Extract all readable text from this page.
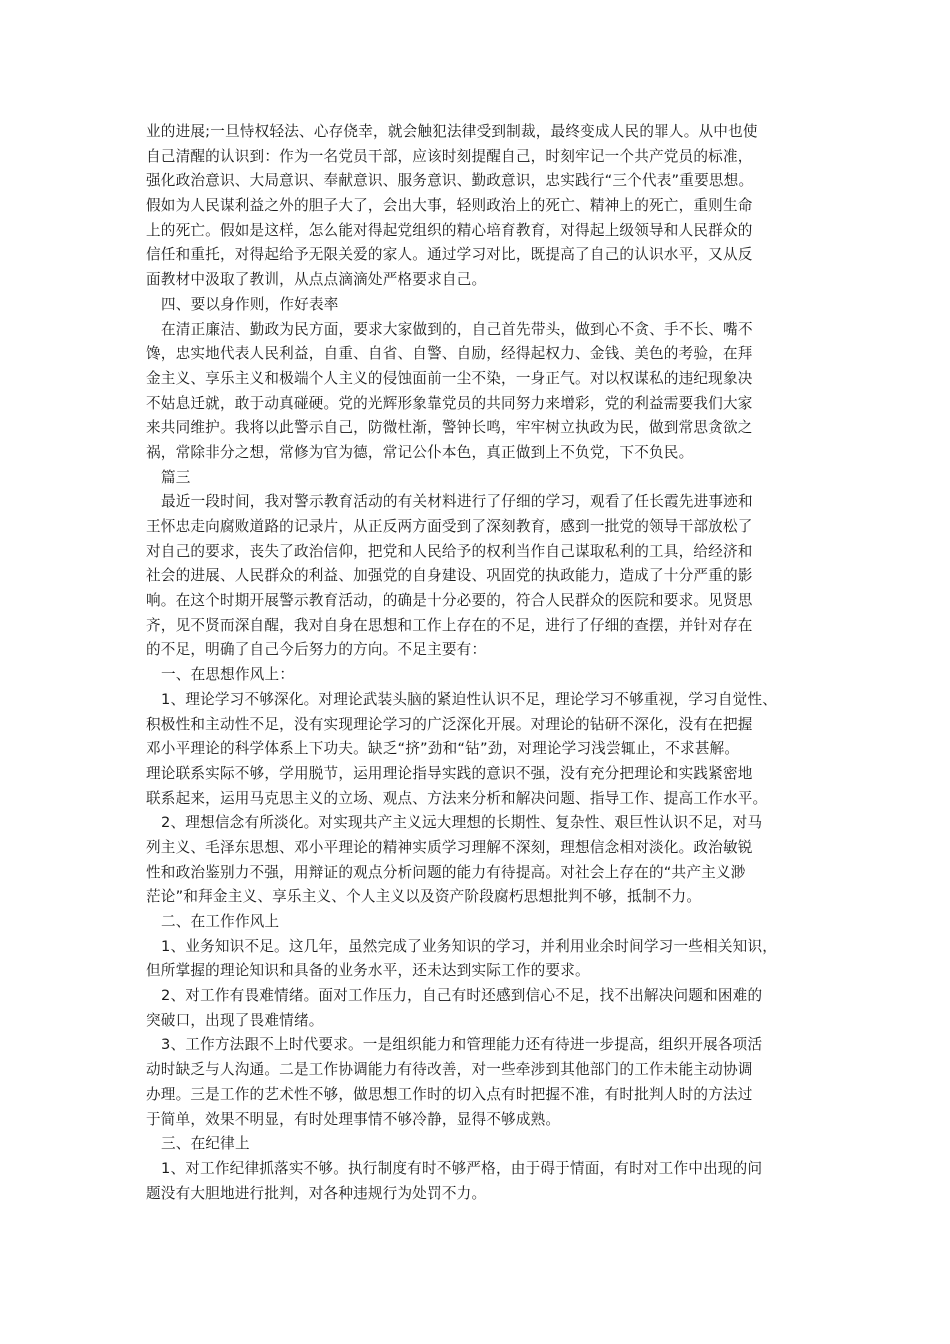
业的进展;一旦恃权轻法、心存侥幸，就会触犯法律受到制裁，最终变成人民的罪人。从中也使
自己清醒的认识到：作为一名党员干部，应该时刻提醒自己，时刻牢记一个共产党员的标准，
强化政治意识、大局意识、奉献意识、服务意识、勤政意识，忠实践行“三个代表”重要思想。
假如为人民谋利益之外的胆子大了，会出大事，轻则政治上的死亡、精神上的死亡，重则生命
上的死亡。假如是这样，怎么能对得起党组织的精心培育教育，对得起上级领导和人民群众的
信任和重托，对得起给予无限关爱的家人。通过学习对比，既提高了自己的认识水平，又从反
面教材中汲取了教训，从点点滴滴处严格要求自己。
四、要以身作则，作好表率
在清正廉洁、勤政为民方面，要求大家做到的，自己首先带头，做到心不贪、手不长、嘴不
馋，忠实地代表人民利益，自重、自省、自警、自励，经得起权力、金钱、美色的考验，在拜
金主义、享乐主义和极端个人主义的侵蚀面前一尘不染，一身正气。对以权谋私的违纪现象决
不姑息迁就，敢于动真碰硬。党的光辉形象靠党员的共同努力来增彩，党的利益需要我们大家
来共同维护。我将以此警示自己，防微杜渐，警钟长鸣，牢牢树立执政为民，做到常思贪欲之
祸，常除非分之想，常修为官为德，常记公仆本色，真正做到上不负党，下不负民。
篇三
最近一段时间，我对警示教育活动的有关材料进行了仔细的学习，观看了任长霞先进事迹和
王怀忠走向腐败道路的记录片，从正反两方面受到了深刻教育，感到一批党的领导干部放松了
对自己的要求，丧失了政治信仰，把党和人民给予的权利当作自己谋取私利的工具，给经济和
社会的进展、人民群众的利益、加强党的自身建设、巩固党的执政能力，造成了十分严重的影
响。在这个时期开展警示教育活动，的确是十分必要的，符合人民群众的医院和要求。见贤思
齐，见不贤而深自醒，我对自身在思想和工作上存在的不足，进行了仔细的查摆，并针对存在
的不足，明确了自己今后努力的方向。不足主要有：
一、在思想作风上：
1、理论学习不够深化。对理论武装头脑的紧迫性认识不足，理论学习不够重视，学习自觉性、
积极性和主动性不足，没有实现理论学习的广泛深化开展。对理论的钻研不深化，没有在把握
邓小平理论的科学体系上下功夫。缺乏“挤”劲和“钻”劲，对理论学习浅尝辄止，不求甚解。
理论联系实际不够，学用脱节，运用理论指导实践的意识不强，没有充分把理论和实践紧密地
联系起来，运用马克思主义的立场、观点、方法来分析和解决问题、指导工作、提高工作水平。
2、理想信念有所淡化。对实现共产主义远大理想的长期性、复杂性、艰巨性认识不足，对马
列主义、毛泽东思想、邓小平理论的精神实质学习理解不深刻，理想信念相对淡化。政治敏锐
性和政治鉴别力不强，用辩证的观点分析问题的能力有待提高。对社会上存在的“共产主义渺
茫论”和拜金主义、享乐主义、个人主义以及资产阶段腐朽思想批判不够，抵制不力。
二、在工作作风上
1、业务知识不足。这几年，虽然完成了业务知识的学习，并利用业余时间学习一些相关知识，
但所掌握的理论知识和具备的业务水平，还未达到实际工作的要求。
2、对工作有畏难情绪。面对工作压力，自己有时还感到信心不足，找不出解决问题和困难的
突破口，出现了畏难情绪。
3、工作方法跟不上时代要求。一是组织能力和管理能力还有待进一步提高，组织开展各项活
动时缺乏与人沟通。二是工作协调能力有待改善，对一些牵涉到其他部门的工作未能主动协调
办理。三是工作的艺术性不够，做思想工作时的切入点有时把握不准，有时批判人时的方法过
于简单，效果不明显，有时处理事情不够冷静，显得不够成熟。
三、在纪律上
1、对工作纪律抓落实不够。执行制度有时不够严格，由于碍于情面，有时对工作中出现的问
题没有大胆地进行批判，对各种违规行为处罚不力。
